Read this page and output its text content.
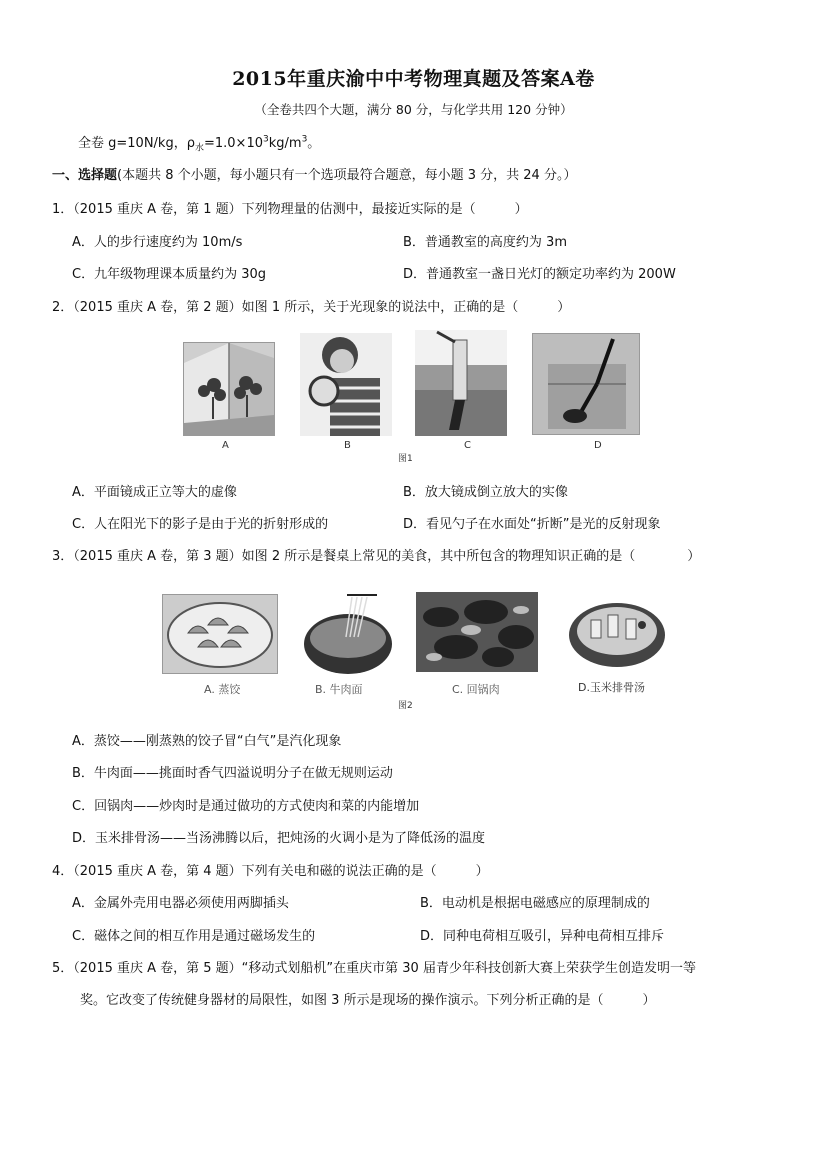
2015年重庆渝中中考物理真题及答案A卷
（全卷共四个大题，满分 80 分，与化学共用 120 分钟）
全卷 g=10N/kg，$\rho_水=1.0\times 10^3kg/m^3$。
一、选择题(本题共 8 个小题，每小题只有一个选项最符合题意，每小题 3 分，共 24 分。）
1．（2015 重庆 A 卷，第 1 题）下列物理量的估测中，最接近实际的是（　　　）
A．人的步行速度约为 10m/s	B．普通教室的高度约为 3m
C．九年级物理课本质量约为 30g	D．普通教室一盏日光灯的额定功率约为 200W
2．（2015 重庆 A 卷，第 2 题）如图 1 所示，关于光现象的说法中，正确的是（　　　）
A	B	C	D
图1
A．平面镜成正立等大的虚像	B．放大镜成倒立放大的实像
C．人在阳光下的影子是由于光的折射形成的	D．看见勺子在水面处“折断”是光的反射现象
3．（2015 重庆 A 卷，第 3 题）如图 2 所示是餐桌上常见的美食，其中所包含的物理知识正确的是（　　　　）
A. 蒸饺	B. 牛肉面	C. 回锅肉	D.玉米排骨汤
图2
A．蒸饺——刚蒸熟的饺子冒“白气”是汽化现象
B．牛肉面——挑面时香气四溢说明分子在做无规则运动
C．回锅肉——炒肉时是通过做功的方式使肉和菜的内能增加
D．玉米排骨汤——当汤沸腾以后，把炖汤的火调小是为了降低汤的温度
4．（2015 重庆 A 卷，第 4 题）下列有关电和磁的说法正确的是（　　　）
A．金属外壳用电器必须使用两脚插头	B．电动机是根据电磁感应的原理制成的
C．磁体之间的相互作用是通过磁场发生的	D．同种电荷相互吸引，异种电荷相互排斥
5．（2015 重庆 A 卷，第 5 题）“移动式划船机”在重庆市第 30 届青少年科技创新大赛上荣获学生创造发明一等
奖。它改变了传统健身器材的局限性，如图 3 所示是现场的操作演示。下列分析正确的是（　　　）
